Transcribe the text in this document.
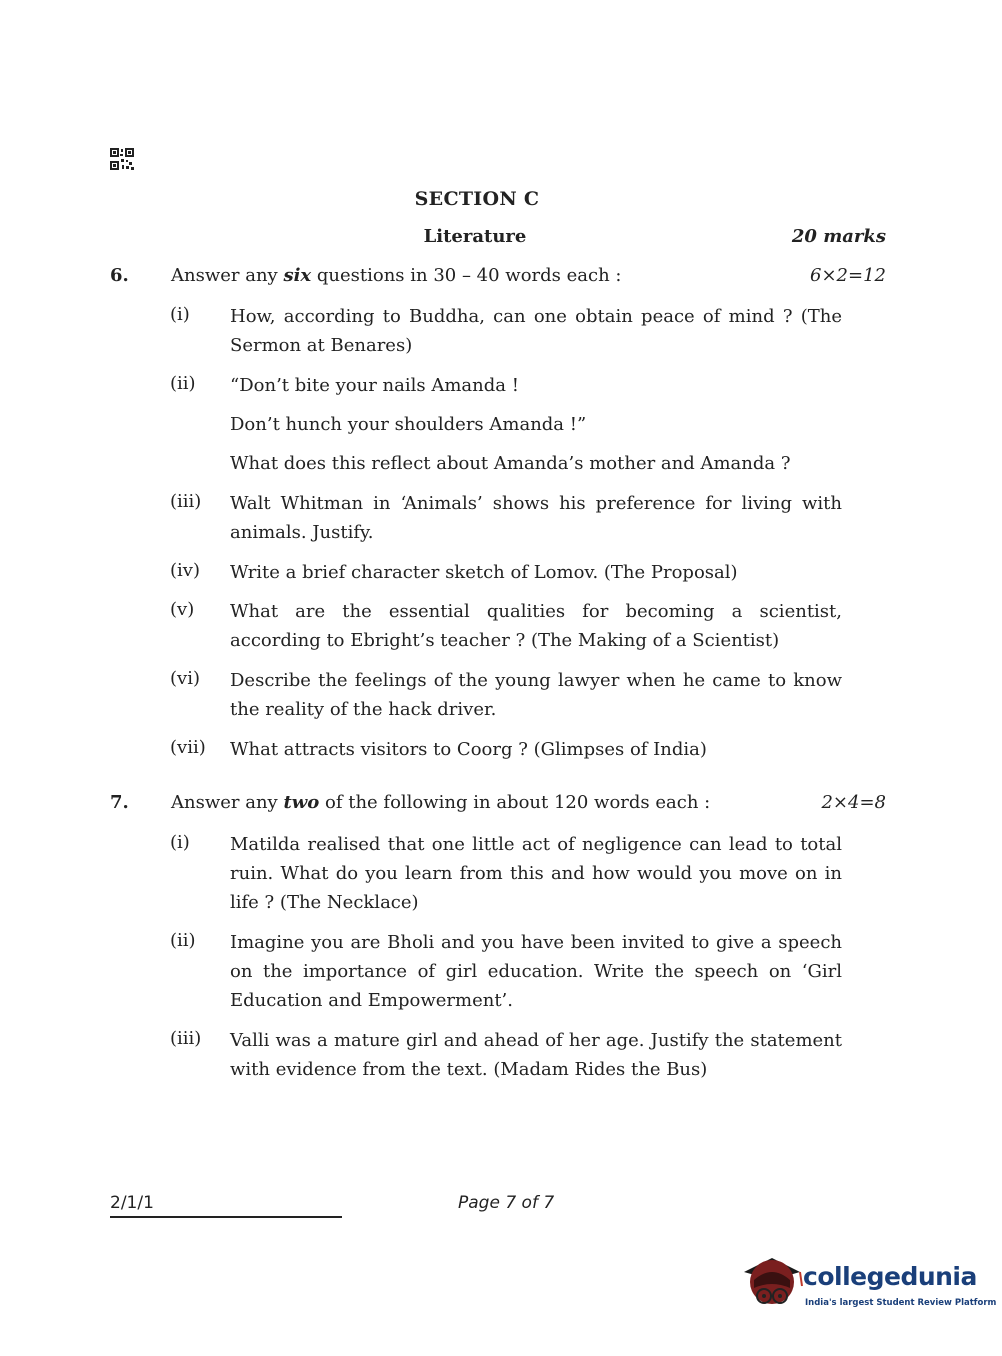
SECTION C
Literature	20 marks
6. Answer any six questions in 30 – 40 words each :	6×2=12
(i) How, according to Buddha, can one obtain peace of mind ? (The Sermon at Benares)
(ii) “Don’t bite your nails Amanda !
Don’t hunch your shoulders Amanda !”
What does this reflect about Amanda’s mother and Amanda ?
(iii) Walt Whitman in ‘Animals’ shows his preference for living with animals. Justify.
(iv) Write a brief character sketch of Lomov. (The Proposal)
(v) What are the essential qualities for becoming a scientist, according to Ebright’s teacher ? (The Making of a Scientist)
(vi) Describe the feelings of the young lawyer when he came to know the reality of the hack driver.
(vii) What attracts visitors to Coorg ? (Glimpses of India)
7. Answer any two of the following in about 120 words each :	2×4=8
(i) Matilda realised that one little act of negligence can lead to total ruin. What do you learn from this and how would you move on in life ? (The Necklace)
(ii) Imagine you are Bholi and you have been invited to give a speech on the importance of girl education. Write the speech on ‘Girl Education and Empowerment’.
(iii) Valli was a mature girl and ahead of her age. Justify the statement with evidence from the text. (Madam Rides the Bus)
2/1/1	Page 7 of 7
collegedunia
India's largest Student Review Platform
